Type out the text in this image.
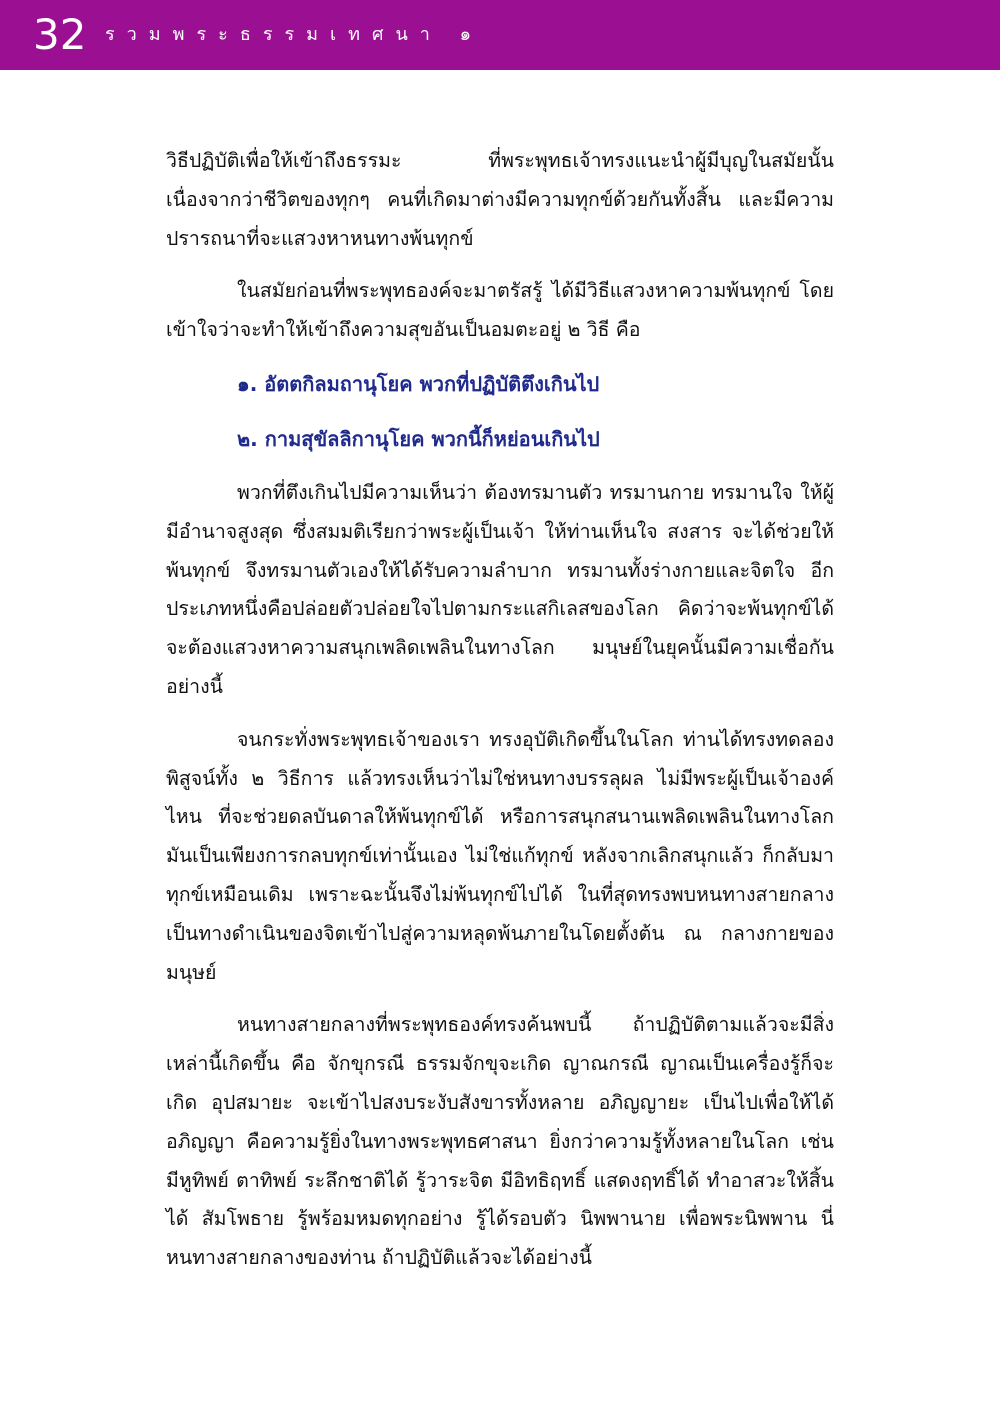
32 รวมพระธรรมเทศนา ๑

วิธีปฏิบัติเพื่อให้เข้าถึงธรรมะ ที่พระพุทธเจ้าทรงแนะนำผู้มีบุญในสมัยนั้น เนื่องจากว่าชีวิตของทุกๆ คนที่เกิดมาต่างมีความทุกข์ด้วยกันทั้งสิ้น และมีความปรารถนาที่จะแสวงหาหนทางพ้นทุกข์

ในสมัยก่อนที่พระพุทธองค์จะมาตรัสรู้ ได้มีวิธีแสวงหาความพ้นทุกข์ โดยเข้าใจว่าจะทำให้เข้าถึงความสุขอันเป็นอมตะอยู่ ๒ วิธี คือ

๑. อัตตกิลมถานุโยค พวกที่ปฏิบัติตึงเกินไป
๒. กามสุขัลลิกานุโยค พวกนี้ก็หย่อนเกินไป

พวกที่ตึงเกินไปมีความเห็นว่า ต้องทรมานตัว ทรมานกาย ทรมานใจ ให้ผู้มีอำนาจสูงสุด ซึ่งสมมติเรียกว่าพระผู้เป็นเจ้า ให้ท่านเห็นใจ สงสาร จะได้ช่วยให้พ้นทุกข์ จึงทรมานตัวเองให้ได้รับความลำบาก ทรมานทั้งร่างกายและจิตใจ อีกประเภทหนึ่งคือปล่อยตัวปล่อยใจไปตามกระแสกิเลสของโลก คิดว่าจะพ้นทุกข์ได้จะต้องแสวงหาความสนุกเพลิดเพลินในทางโลก มนุษย์ในยุคนั้นมีความเชื่อกันอย่างนี้

จนกระทั่งพระพุทธเจ้าของเรา ทรงอุบัติเกิดขึ้นในโลก ท่านได้ทรงทดลองพิสูจน์ทั้ง ๒ วิธีการ แล้วทรงเห็นว่าไม่ใช่หนทางบรรลุผล ไม่มีพระผู้เป็นเจ้าองค์ไหน ที่จะช่วยดลบันดาลให้พ้นทุกข์ได้ หรือการสนุกสนานเพลิดเพลินในทางโลก มันเป็นเพียงการกลบทุกข์เท่านั้นเอง ไม่ใช่แก้ทุกข์ หลังจากเลิกสนุกแล้ว ก็กลับมาทุกข์เหมือนเดิม เพราะฉะนั้นจึงไม่พ้นทุกข์ไปได้ ในที่สุดทรงพบหนทางสายกลาง เป็นทางดำเนินของจิตเข้าไปสู่ความหลุดพ้นภายในโดยตั้งต้น ณ กลางกายของมนุษย์

หนทางสายกลางที่พระพุทธองค์ทรงค้นพบนี้ ถ้าปฏิบัติตามแล้วจะมีสิ่งเหล่านี้เกิดขึ้น คือ จักขุกรณี ธรรมจักขุจะเกิด ญาณกรณี ญาณเป็นเครื่องรู้ก็จะเกิด อุปสมายะ จะเข้าไปสงบระงับสังขารทั้งหลาย อภิญญายะ เป็นไปเพื่อให้ได้อภิญญา คือความรู้ยิ่งในทางพระพุทธศาสนา ยิ่งกว่าความรู้ทั้งหลายในโลก เช่น มีหูทิพย์ ตาทิพย์ ระลึกชาติได้ รู้วาระจิต มีอิทธิฤทธิ์ แสดงฤทธิ์ได้ ทำอาสวะให้สิ้นได้ สัมโพธาย รู้พร้อมหมดทุกอย่าง รู้ได้รอบตัว นิพพานาย เพื่อพระนิพพาน นี่หนทางสายกลางของท่าน ถ้าปฏิบัติแล้วจะได้อย่างนี้
